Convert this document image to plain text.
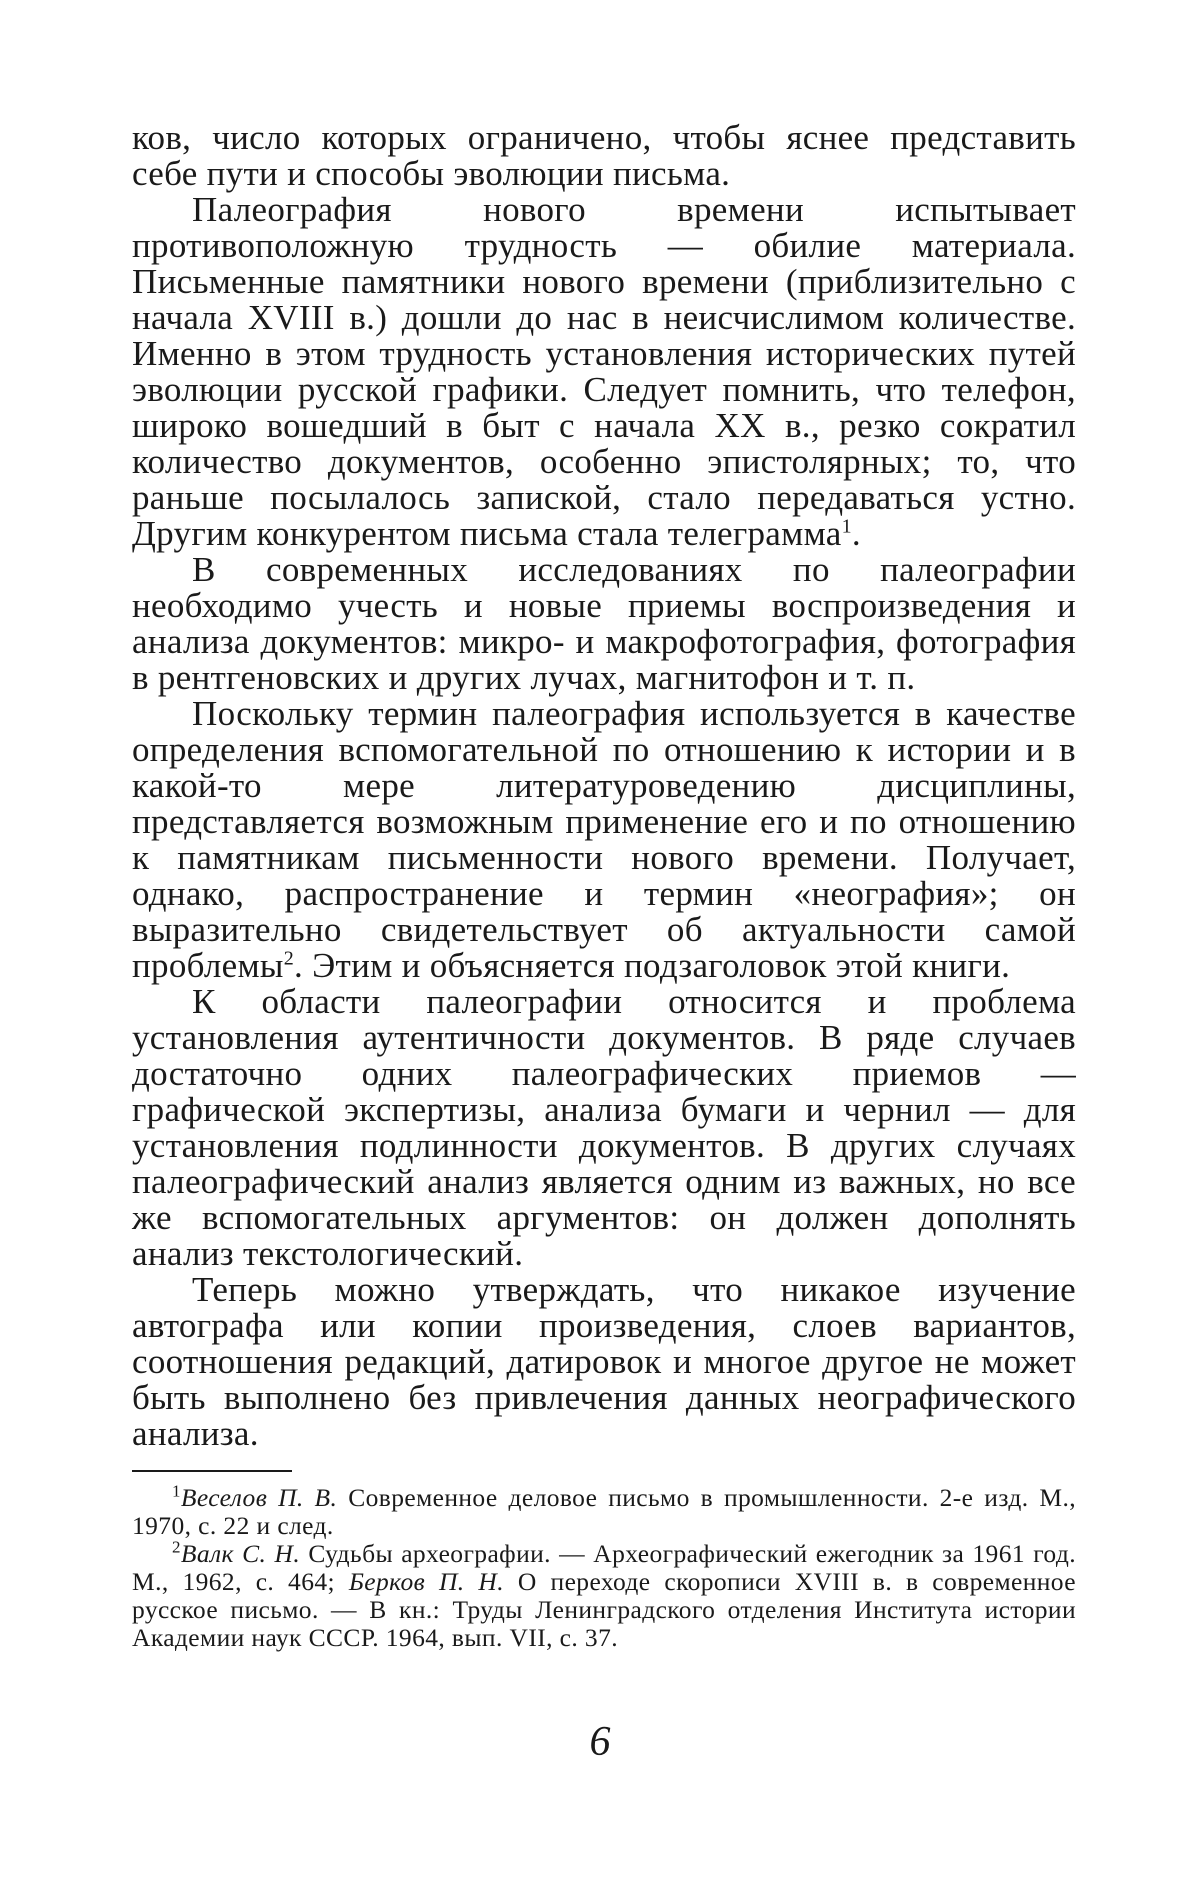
ков, число которых ограничено, чтобы яснее представить себе пути и способы эволюции письма.

Палеография нового времени испытывает противоположную трудность — обилие материала. Письменные памятники нового времени (приблизительно с начала XVIII в.) дошли до нас в неисчислимом количестве. Именно в этом трудность установления исторических путей эволюции русской графики. Следует помнить, что телефон, широко вошедший в быт с начала XX в., резко сократил количество документов, особенно эпистолярных; то, что раньше посылалось запиской, стало передаваться устно. Другим конкурентом письма стала телеграмма$^1$.

В современных исследованиях по палеографии необходимо учесть и новые приемы воспроизведения и анализа документов: микро- и макрофотография, фотография в рентгеновских и других лучах, магнитофон и т. п.

Поскольку термин палеография используется в качестве определения вспомогательной по отношению к истории и в какой-то мере литературоведению дисциплины, представляется возможным применение его и по отношению к памятникам письменности нового времени. Получает, однако, распространение и термин «неография»; он выразительно свидетельствует об актуальности самой проблемы$^2$. Этим и объясняется подзаголовок этой книги.

К области палеографии относится и проблема установления аутентичности документов. В ряде случаев достаточно одних палеографических приемов — графической экспертизы, анализа бумаги и чернил — для установления подлинности документов. В других случаях палеографический анализ является одним из важных, но все же вспомогательных аргументов: он должен дополнять анализ текстологический.

Теперь можно утверждать, что никакое изучение автографа или копии произведения, слоев вариантов, соотношения редакций, датировок и многое другое не может быть выполнено без привлечения данных неографического анализа.

$^1$Веселов П. В. Современное деловое письмо в промышленности. 2-е изд. М., 1970, с. 22 и след.

$^2$Валк С. Н. Судьбы археографии. — Археографический ежегодник за 1961 год. М., 1962, с. 464; Берков П. Н. О переходе скорописи XVIII в. в современное русское письмо. — В кн.: Труды Ленинградского отделения Института истории Академии наук СССР. 1964, вып. VII, с. 37.

6
